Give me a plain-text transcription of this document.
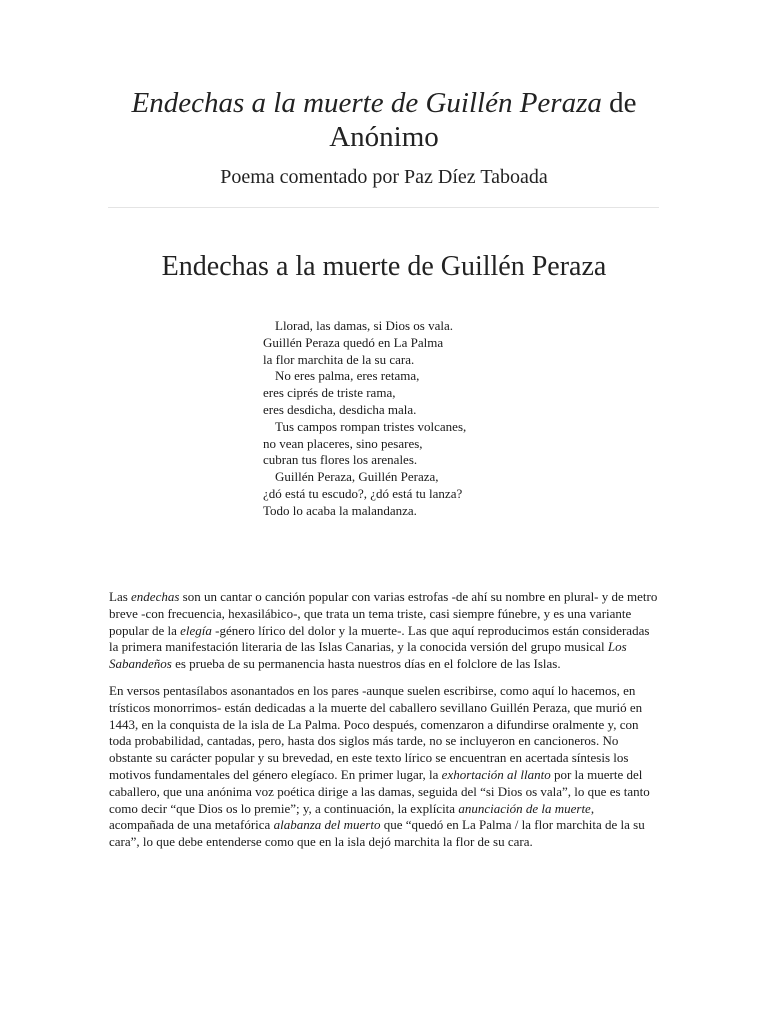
Endechas a la muerte de Guillén Peraza de Anónimo
Poema comentado por Paz Díez Taboada
Endechas a la muerte de Guillén Peraza
Llorad, las damas, si Dios os vala.
Guillén Peraza quedó en La Palma
la flor marchita de la su cara.
No eres palma, eres retama,
eres ciprés de triste rama,
eres desdicha, desdicha mala.
Tus campos rompan tristes volcanes,
no vean placeres, sino pesares,
cubran tus flores los arenales.
Guillén Peraza, Guillén Peraza,
¿dó está tu escudo?, ¿dó está tu lanza?
Todo lo acaba la malandanza.

Las endechas son un cantar o canción popular con varias estrofas -de ahí su nombre en plural- y de metro breve -con frecuencia, hexasilábico-, que trata un tema triste, casi siempre fúnebre, y es una variante popular de la elegía -género lírico del dolor y la muerte-. Las que aquí reproducimos están consideradas la primera manifestación literaria de las Islas Canarias, y la conocida versión del grupo musical Los Sabandeños es prueba de su permanencia hasta nuestros días en el folclore de las Islas.

En versos pentasílabos asonantados en los pares -aunque suelen escribirse, como aquí lo hacemos, en trísticos monorrimos- están dedicadas a la muerte del caballero sevillano Guillén Peraza, que murió en 1443, en la conquista de la isla de La Palma. Poco después, comenzaron a difundirse oralmente y, con toda probabilidad, cantadas, pero, hasta dos siglos más tarde, no se incluyeron en cancioneros. No obstante su carácter popular y su brevedad, en este texto lírico se encuentran en acertada síntesis los motivos fundamentales del género elegíaco. En primer lugar, la exhortación al llanto por la muerte del caballero, que una anónima voz poética dirige a las damas, seguida del “si Dios os vala”, lo que es tanto como decir “que Dios os lo premie”; y, a continuación, la explícita anunciación de la muerte, acompañada de una metafórica alabanza del muerto que “quedó en La Palma / la flor marchita de la su cara”, lo que debe entenderse como que en la isla dejó marchita la flor de su cara.
